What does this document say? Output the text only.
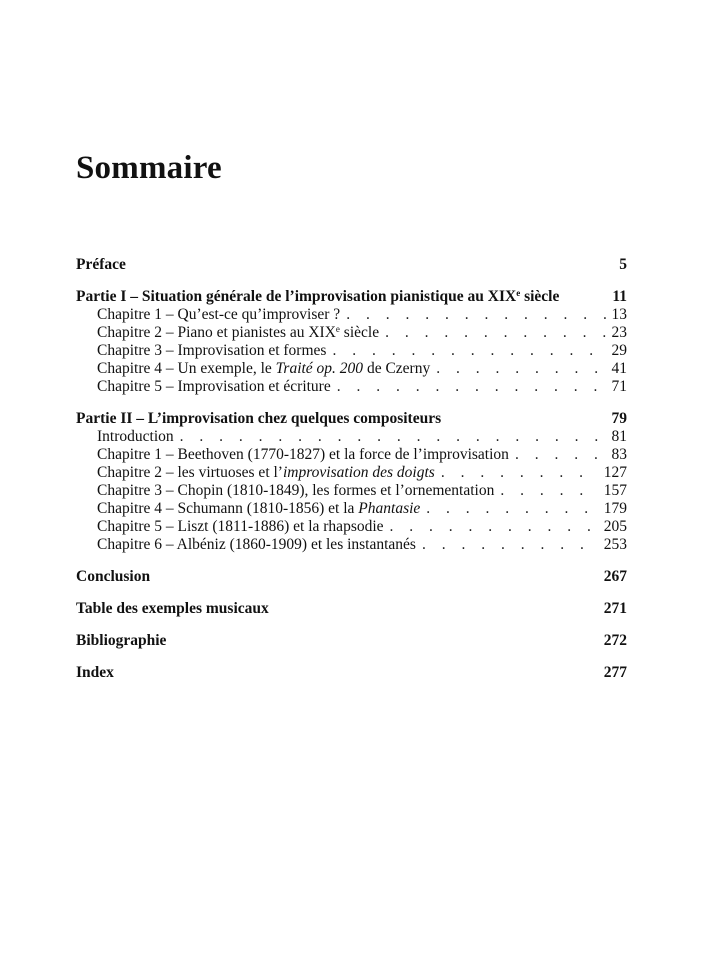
Sommaire
Préface	5
Partie I – Situation générale de l’improvisation pianistique au XIXe siècle	11
Chapitre 1 – Qu’est-ce qu’improviser ? . . .	13
Chapitre 2 – Piano et pianistes au XIXe siècle . . .	23
Chapitre 3 – Improvisation et formes . . .	29
Chapitre 4 – Un exemple, le Traité op. 200 de Czerny . . .	41
Chapitre 5 – Improvisation et écriture . . .	71
Partie II – L’improvisation chez quelques compositeurs	79
Introduction . . .	81
Chapitre 1 – Beethoven (1770-1827) et la force de l’improvisation . . .	83
Chapitre 2 – les virtuoses et l’improvisation des doigts . . .	127
Chapitre 3 – Chopin (1810-1849), les formes et l’ornementation . . .	157
Chapitre 4 – Schumann (1810-1856) et la Phantasie . . .	179
Chapitre 5 – Liszt (1811-1886) et la rhapsodie . . .	205
Chapitre 6 – Albéniz (1860-1909) et les instantanés . . .	253
Conclusion	267
Table des exemples musicaux	271
Bibliographie	272
Index	277
